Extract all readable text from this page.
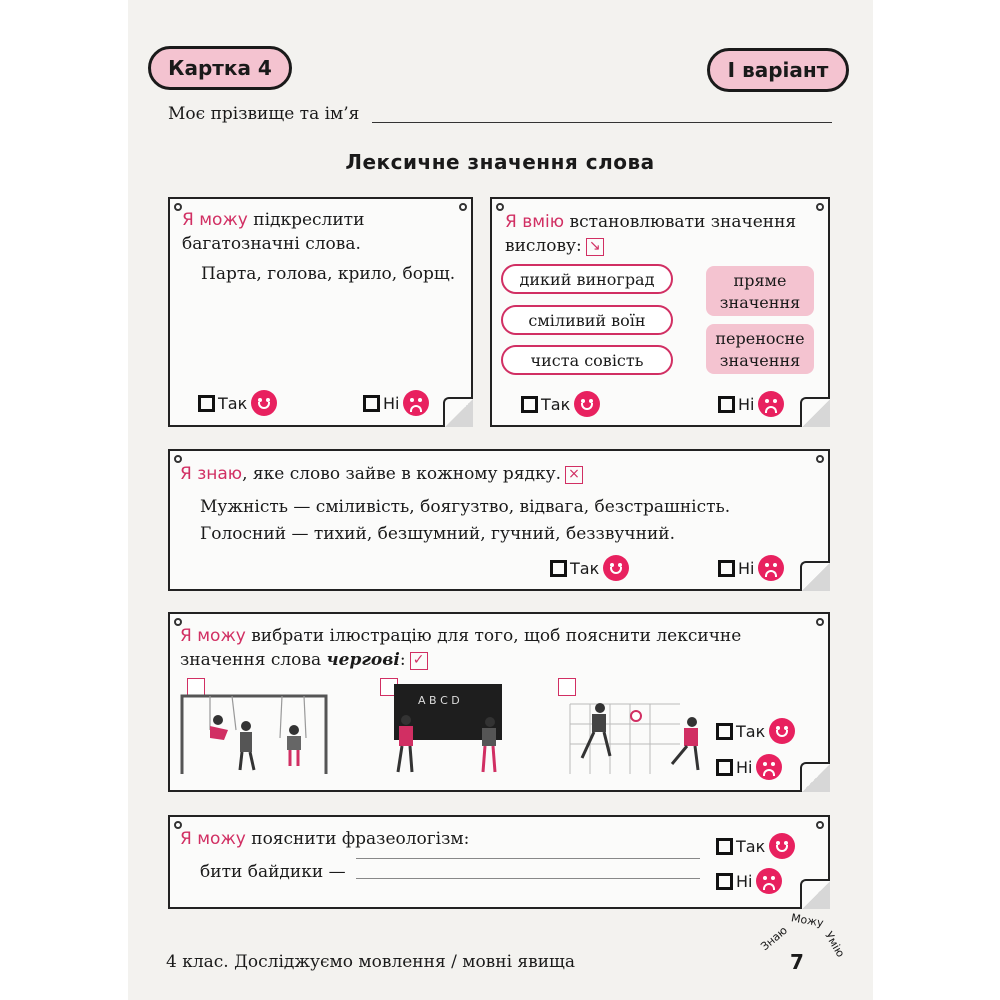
Картка 4	І варіант
Моє прізвище та ім’я
Лексичне значення слова
Я можу підкреслити
багатозначні слова.
Парта, голова, крило, борщ.
Так	Ні
Я вмію встановлювати значення
вислову: ↘
дикий виноград
сміливий воїн
чиста совість
пряме
значення
переносне
значення
Так	Ні
Я знаю, яке слово зайве в кожному рядку. ×
Мужність — сміливість, боягузтво, відвага, безстрашність.
Голосний — тихий, безшумний, гучний, беззвучний.
Так	Ні
Я можу вибрати ілюстрацію для того, щоб пояснити лексичне
значення слова чергові: ✓
A B C D
Так
Ні
Я можу пояснити фразеологізм:
бити байдики —
Так
Ні
4 клас. Досліджуємо мовлення / мовні явища
Знаю
Можу
Умію
7
